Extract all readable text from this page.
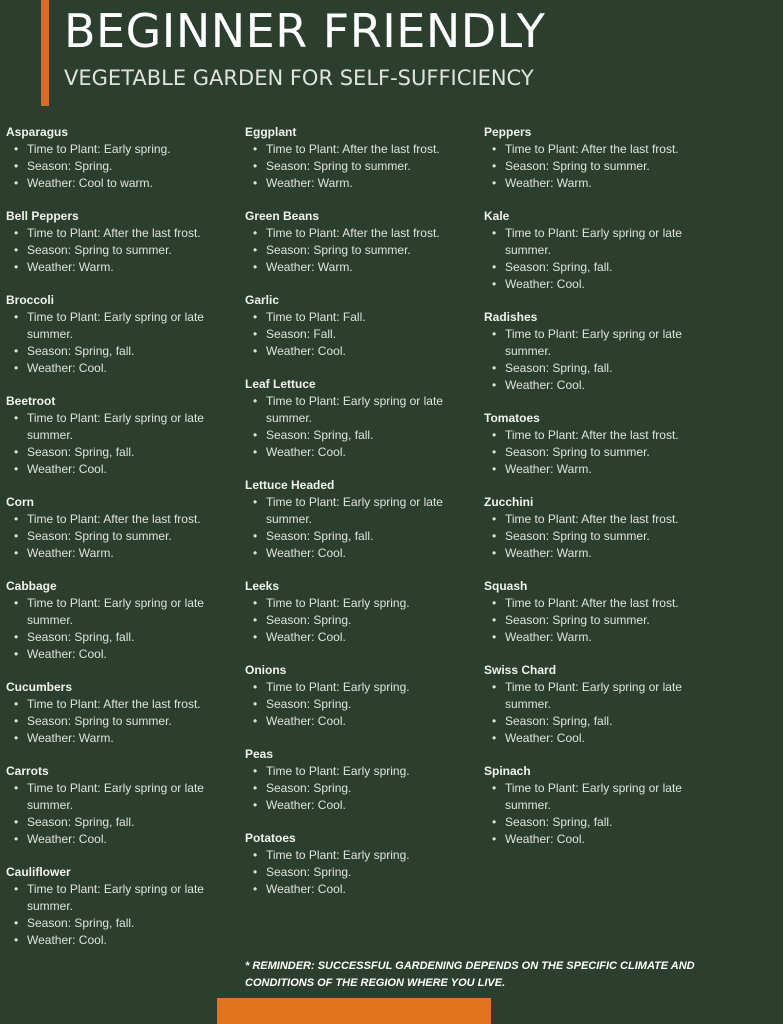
BEGINNER FRIENDLY
VEGETABLE GARDEN FOR SELF-SUFFICIENCY

Asparagus

• Time to Plant: Early spring.
• Season: Spring.
• Weather: Cool to warm.

Bell Peppers

• Time to Plant: After the last frost.
• Season: Spring to summer.
• Weather: Warm.

Broccoli

• Time to Plant: Early spring or late summer.
• Season: Spring, fall.
• Weather: Cool.

Beetroot

• Time to Plant: Early spring or late summer.
• Season: Spring, fall.
• Weather: Cool.

Corn

• Time to Plant: After the last frost.
• Season: Spring to summer.
• Weather: Warm.

Cabbage

• Time to Plant: Early spring or late summer.
• Season: Spring, fall.
• Weather: Cool.

Cucumbers

• Time to Plant: After the last frost.
• Season: Spring to summer.
• Weather: Warm.

Carrots

• Time to Plant: Early spring or late summer.
• Season: Spring, fall.
• Weather: Cool.

Cauliflower

• Time to Plant: Early spring or late summer.
• Season: Spring, fall.
• Weather: Cool.

Eggplant

• Time to Plant: After the last frost.
• Season: Spring to summer.
• Weather: Warm.

Green Beans

• Time to Plant: After the last frost.
• Season: Spring to summer.
• Weather: Warm.

Garlic

• Time to Plant: Fall.
• Season: Fall.
• Weather: Cool.

Leaf Lettuce

• Time to Plant: Early spring or late summer.
• Season: Spring, fall.
• Weather: Cool.

Lettuce Headed

• Time to Plant: Early spring or late summer.
• Season: Spring, fall.
• Weather: Cool.

Leeks

• Time to Plant: Early spring.
• Season: Spring.
• Weather: Cool.

Onions

• Time to Plant: Early spring.
• Season: Spring.
• Weather: Cool.

Peas

• Time to Plant: Early spring.
• Season: Spring.
• Weather: Cool.

Potatoes

• Time to Plant: Early spring.
• Season: Spring.
• Weather: Cool.

Peppers

• Time to Plant: After the last frost.
• Season: Spring to summer.
• Weather: Warm.

Kale

• Time to Plant: Early spring or late summer.
• Season: Spring, fall.
• Weather: Cool.

Radishes

• Time to Plant: Early spring or late summer.
• Season: Spring, fall.
• Weather: Cool.

Tomatoes

• Time to Plant: After the last frost.
• Season: Spring to summer.
• Weather: Warm.

Zucchini

• Time to Plant: After the last frost.
• Season: Spring to summer.
• Weather: Warm.

Squash

• Time to Plant: After the last frost.
• Season: Spring to summer.
• Weather: Warm.

Swiss Chard

• Time to Plant: Early spring or late summer.
• Season: Spring, fall.
• Weather: Cool.

Spinach

• Time to Plant: Early spring or late summer.
• Season: Spring, fall.
• Weather: Cool.

* REMINDER: SUCCESSFUL GARDENING DEPENDS ON THE SPECIFIC CLIMATE AND CONDITIONS OF THE REGION WHERE YOU LIVE.
